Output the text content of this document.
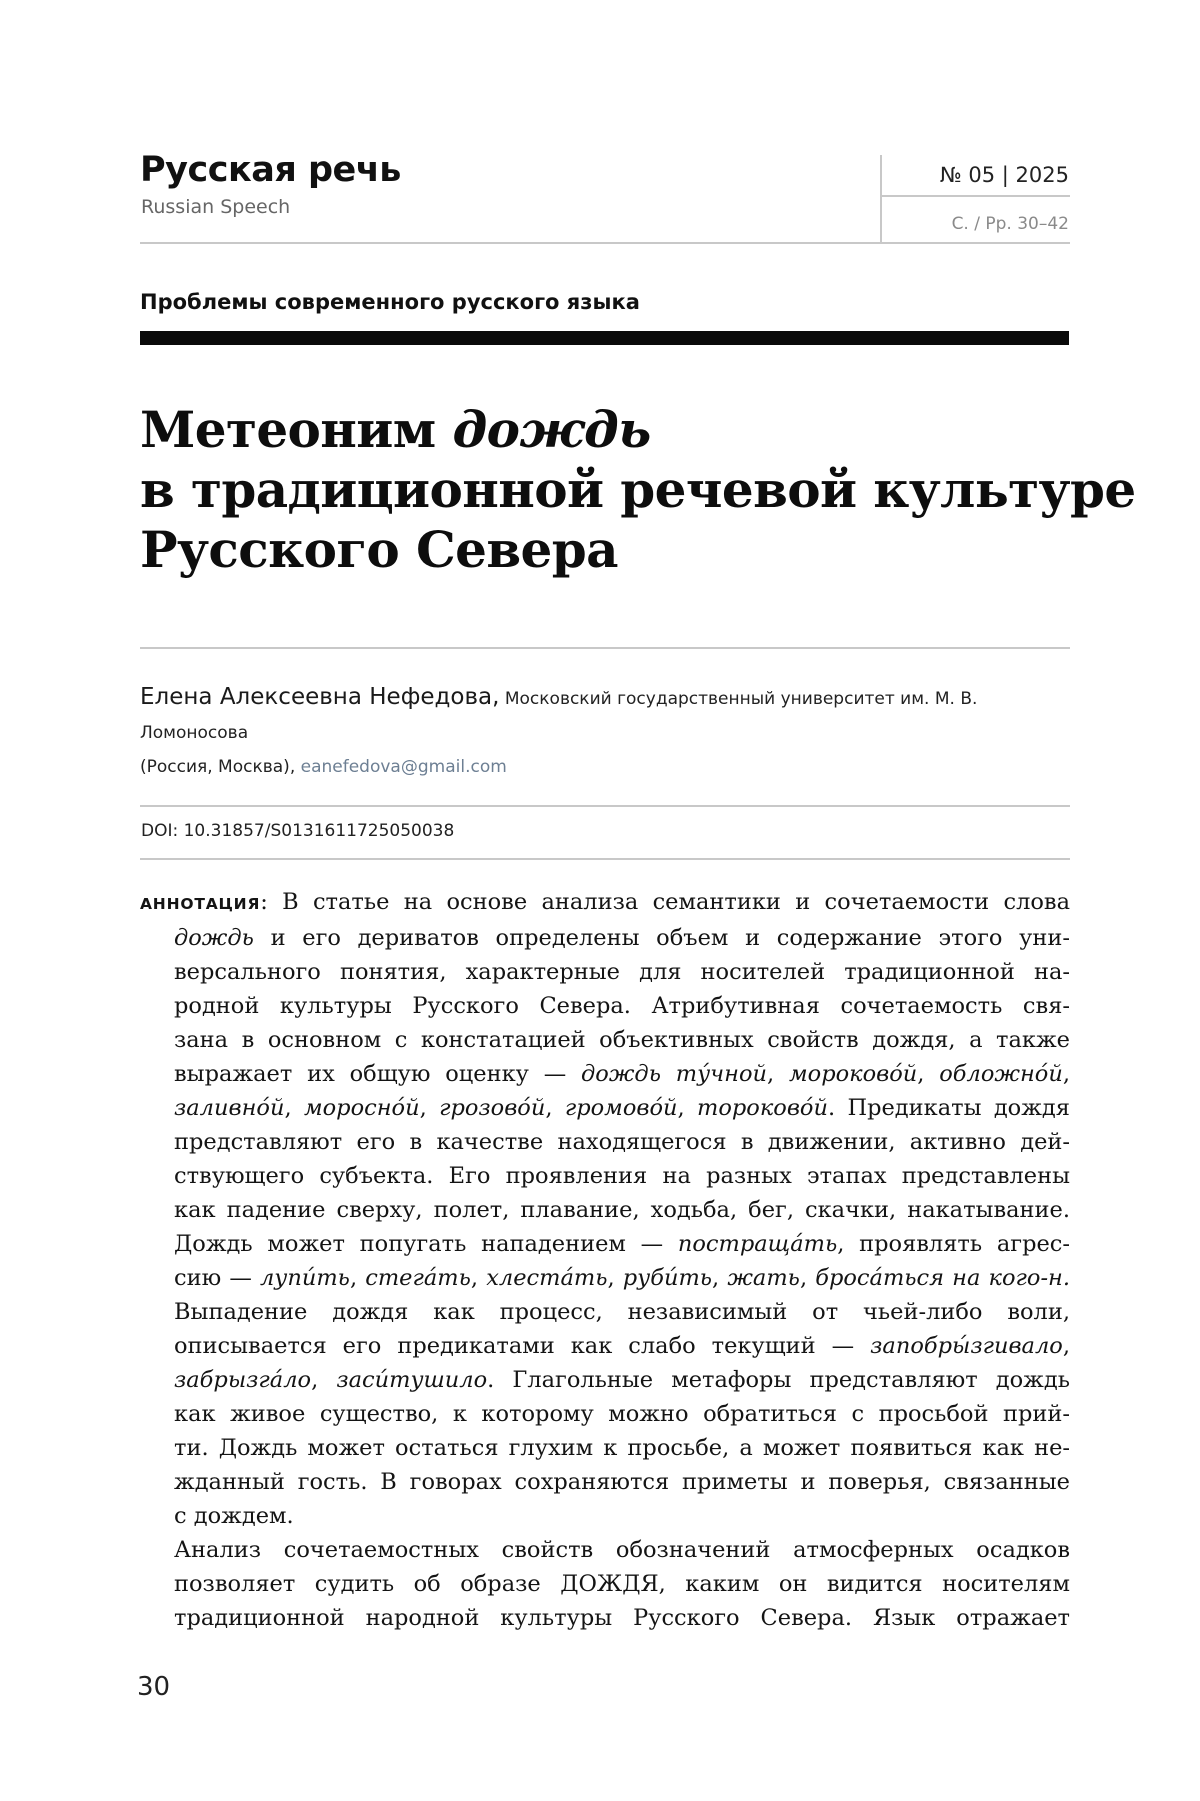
Русская речь
Russian Speech
№ 05 | 2025
С. / Pp. 30–42
Проблемы современного русского языка
Метеоним дождь
в традиционной речевой культуре
Русского Севера
Елена Алексеевна Нефедова, Московский государственный университет им. М. В. Ломоносова
(Россия, Москва), eanefedova@gmail.com
DOI: 10.31857/S0131611725050038
АННОТАЦИЯ: В статье на основе анализа семантики и сочетаемости слова
дождь и его дериватов определены объем и содержание этого уни-
версального понятия, характерные для носителей традиционной на-
родной культуры Русского Севера. Атрибутивная сочетаемость свя-
зана в основном с констатацией объективных свойств дождя, а также
выражает их общую оценку — дождь ту́чной, мороково́й, обложно́й,
заливно́й, моросно́й, грозово́й, громово́й, тороково́й. Предикаты дождя
представляют его в качестве находящегося в движении, активно дей-
ствующего субъекта. Его проявления на разных этапах представлены
как падение сверху, полет, плавание, ходьба, бег, скачки, накатывание.
Дождь может попугать нападением — постраща́ть, проявлять агрес-
сию — лупи́ть, стега́ть, хлеста́ть, руби́ть, жать, броса́ться на кого-н.
Выпадение дождя как процесс, независимый от чьей-либо воли,
описывается его предикатами как слабо текущий — запобры́згивало,
забрызга́ло, заси́тушило. Глагольные метафоры представляют дождь
как живое существо, к которому можно обратиться с просьбой прий-
ти. Дождь может остаться глухим к просьбе, а может появиться как не-
жданный гость. В говорах сохраняются приметы и поверья, связанные
с дождем.
Анализ сочетаемостных свойств обозначений атмосферных осадков
позволяет судить об образе ДОЖДЯ, каким он видится носителям
традиционной народной культуры Русского Севера. Язык отражает
30
